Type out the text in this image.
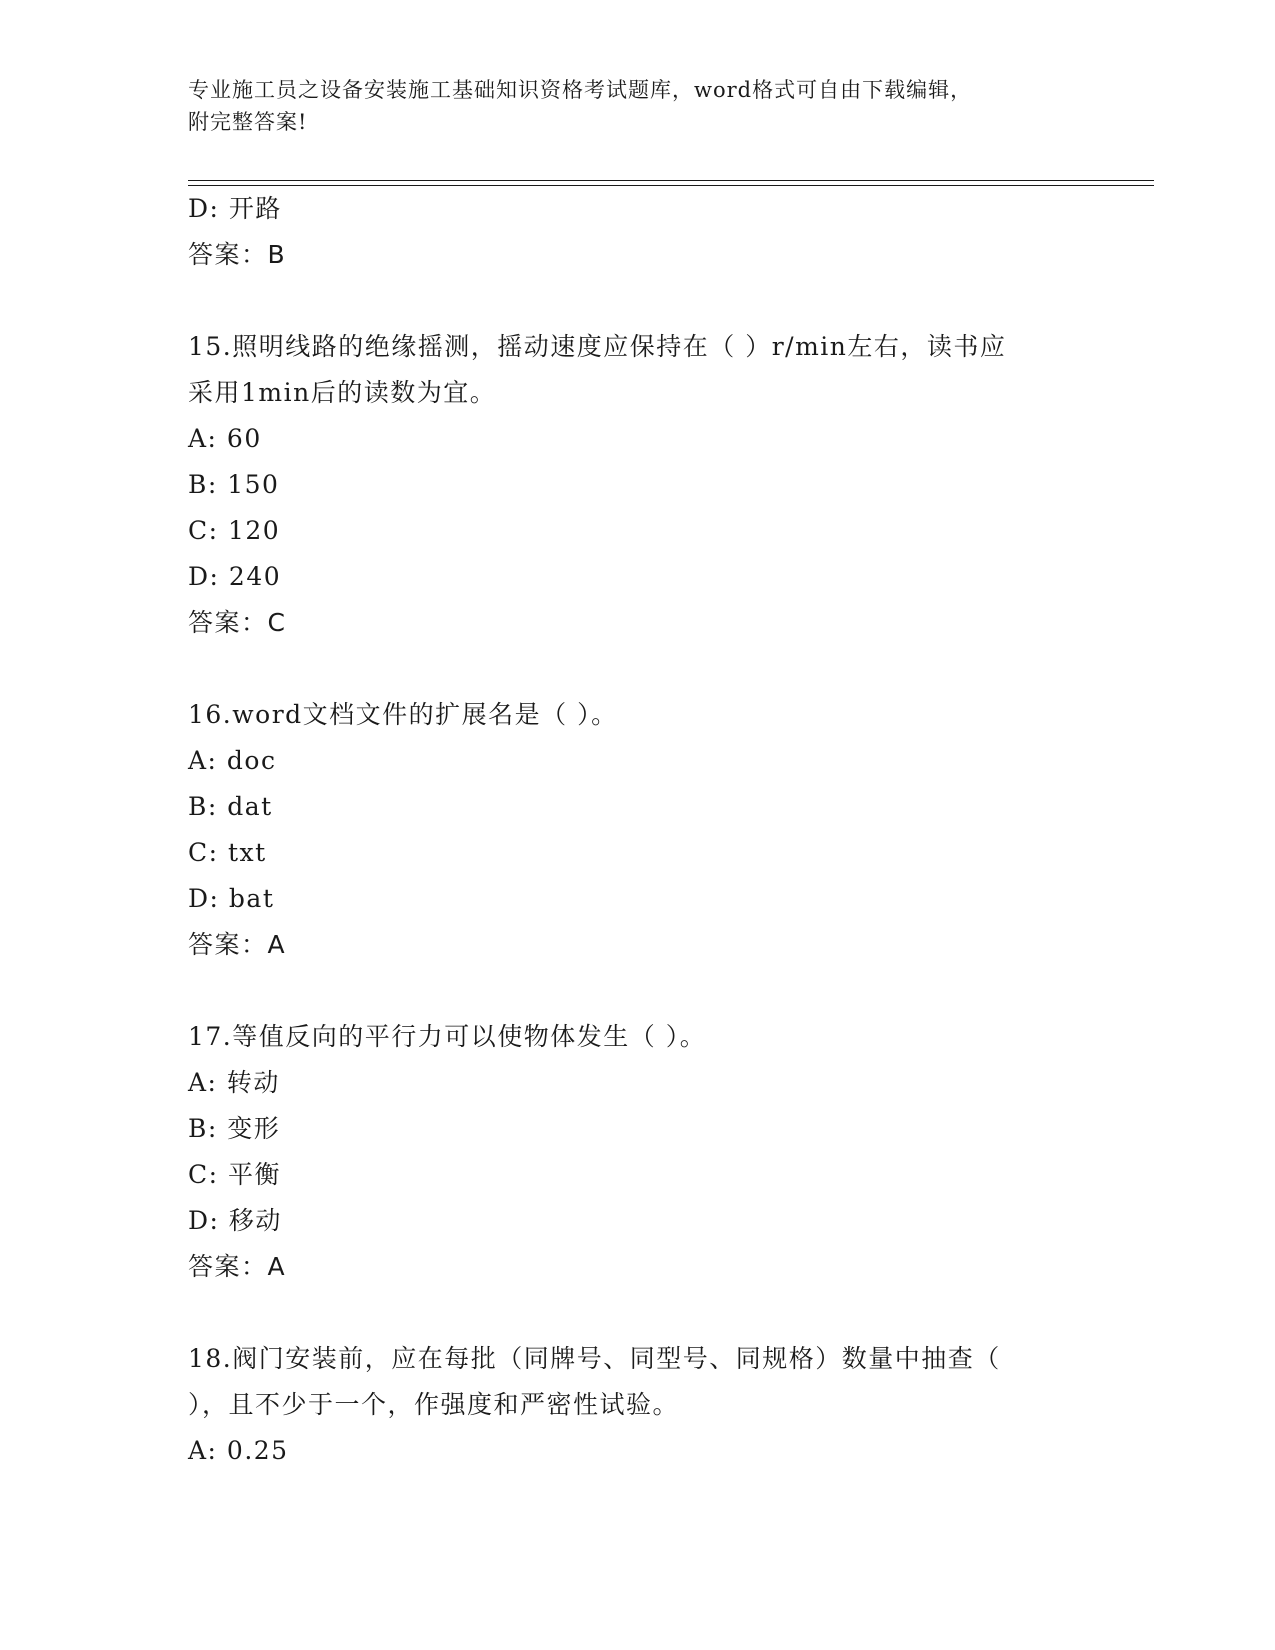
专业施工员之设备安装施工基础知识资格考试题库，word格式可自由下载编辑，
附完整答案!
D: 开路
答案：B
15.照明线路的绝缘摇测，摇动速度应保持在（ ）r/min左右，读书应
采用1min后的读数为宜。
A: 60
B: 150
C: 120
D: 240
答案：C
16.word文档文件的扩展名是（ ）。
A: doc
B: dat
C: txt
D: bat
答案：A
17.等值反向的平行力可以使物体发生（ ）。
A: 转动
B: 变形
C: 平衡
D: 移动
答案：A
18.阀门安装前，应在每批（同牌号、同型号、同规格）数量中抽查（
），且不少于一个，作强度和严密性试验。
A: 0.25
